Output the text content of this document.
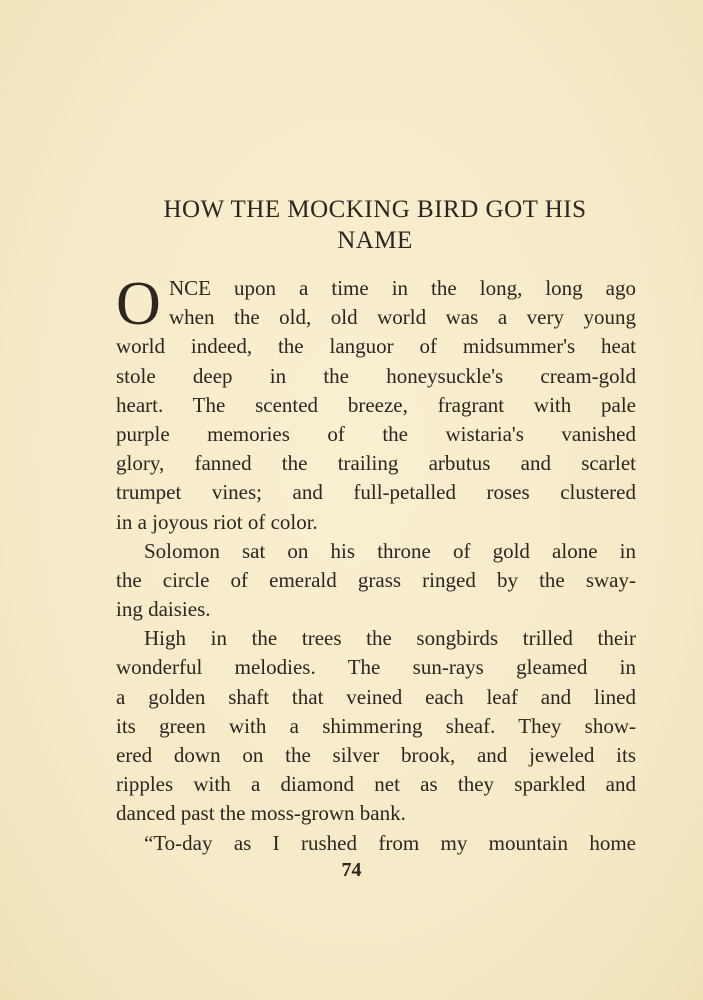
HOW THE MOCKING BIRD GOT HIS
NAME
O NCE upon a time in the long, long ago
when the old, old world was a very young
world indeed, the languor of midsummer's heat
stole deep in the honeysuckle's cream-gold
heart. The scented breeze, fragrant with pale
purple memories of the wistaria's vanished
glory, fanned the trailing arbutus and scarlet
trumpet vines; and full-petalled roses clustered
in a joyous riot of color.
Solomon sat on his throne of gold alone in
the circle of emerald grass ringed by the sway-
ing daisies.
High in the trees the songbirds trilled their
wonderful melodies. The sun-rays gleamed in
a golden shaft that veined each leaf and lined
its green with a shimmering sheaf. They show-
ered down on the silver brook, and jeweled its
ripples with a diamond net as they sparkled and
danced past the moss-grown bank.
“To-day as I rushed from my mountain home
74
